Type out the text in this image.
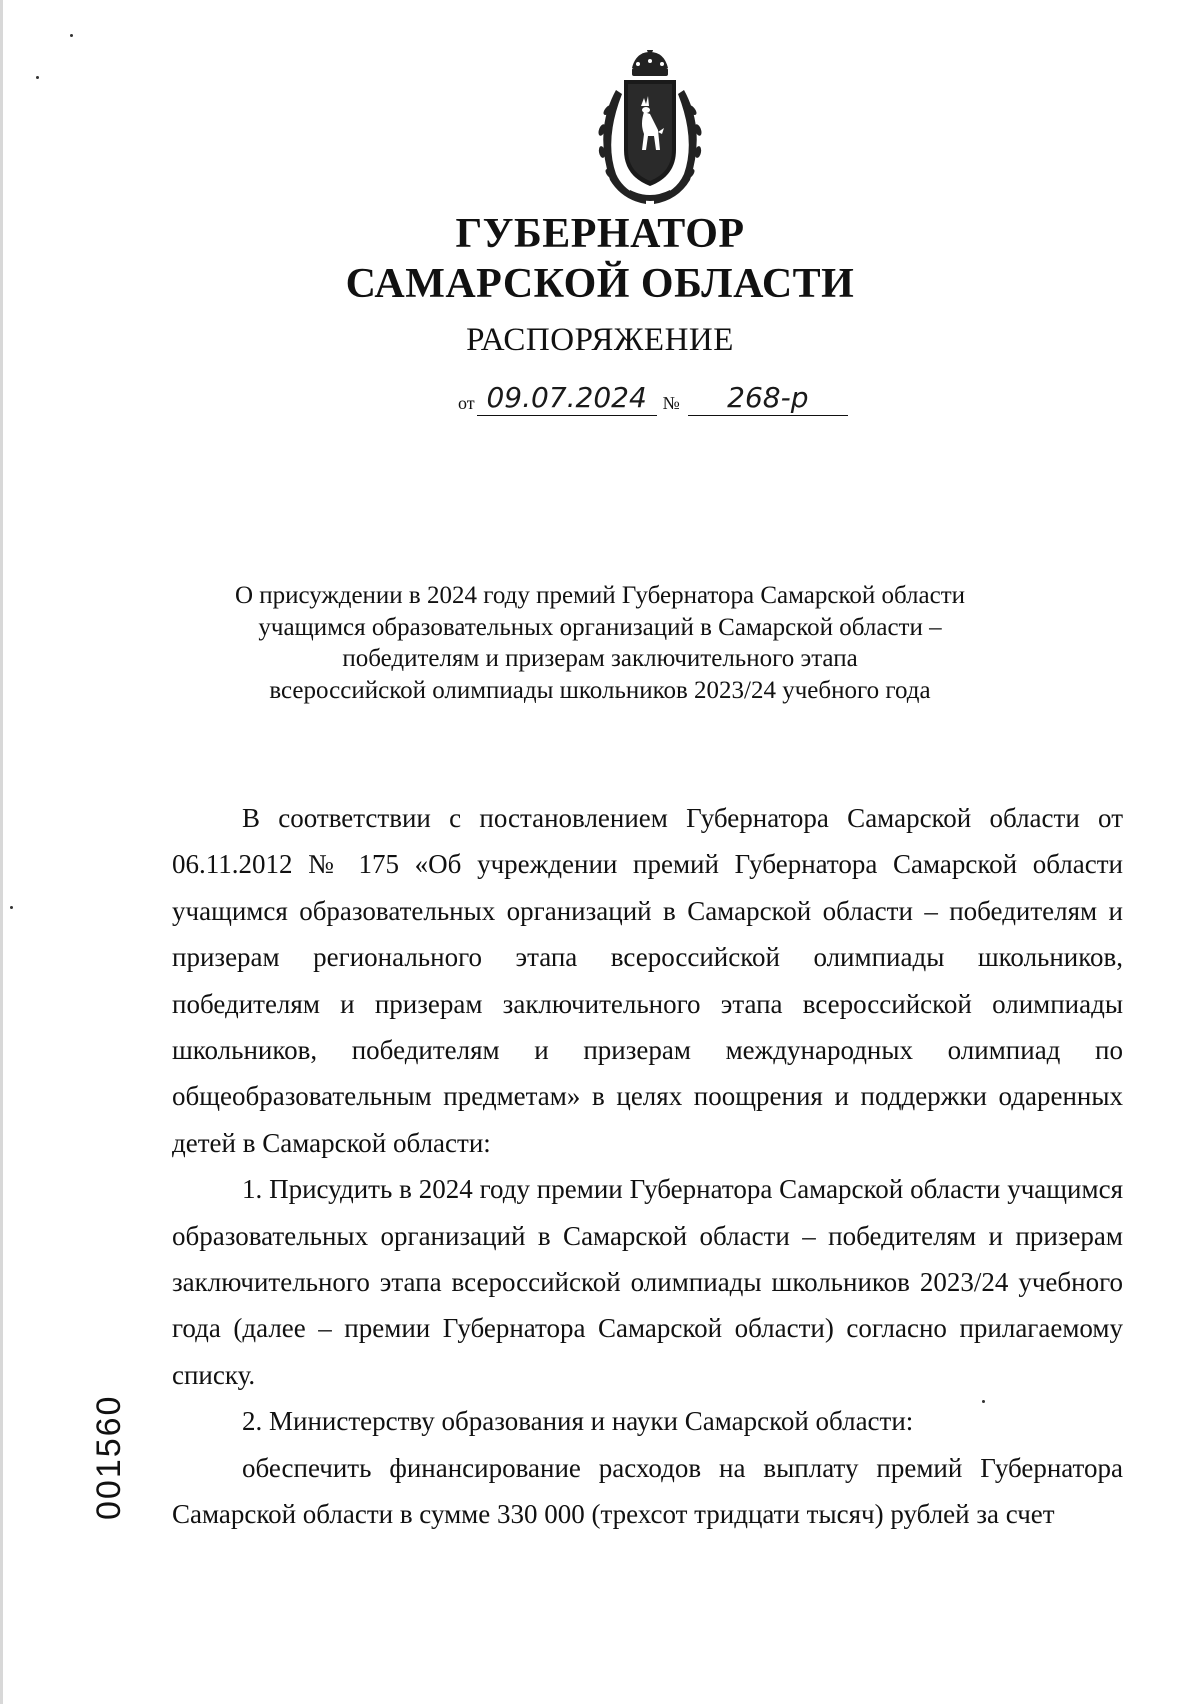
ГУБЕРНАТОР
САМАРСКОЙ ОБЛАСТИ
РАСПОРЯЖЕНИЕ
от 09.07.2024 №	268-р
О присуждении в 2024 году премий Губернатора Самарской области
учащимся образовательных организаций в Самарской области –
победителям и призерам заключительного этапа
всероссийской олимпиады школьников 2023/24 учебного года

В соответствии с постановлением Губернатора Самарской области от 06.11.2012 № 175 «Об учреждении премий Губернатора Самарской области учащимся образовательных организаций в Самарской области – победителям и призерам регионального этапа всероссийской олимпиады школьников, победителям и призерам заключительного этапа всероссийской олимпиады школьников, победителям и призерам международных олимпиад по общеобразовательным предметам» в целях поощрения и поддержки одаренных детей в Самарской области:

1. Присудить в 2024 году премии Губернатора Самарской области учащимся образовательных организаций в Самарской области – победителям и призерам заключительного этапа всероссийской олимпиады школьников 2023/24 учебного года (далее – премии Губернатора Самарской области) согласно прилагаемому списку.

2. Министерству образования и науки Самарской области:

обеспечить финансирование расходов на выплату премий Губернатора Самарской области в сумме 330 000 (трехсот тридцати тысяч) рублей за счет

001560
